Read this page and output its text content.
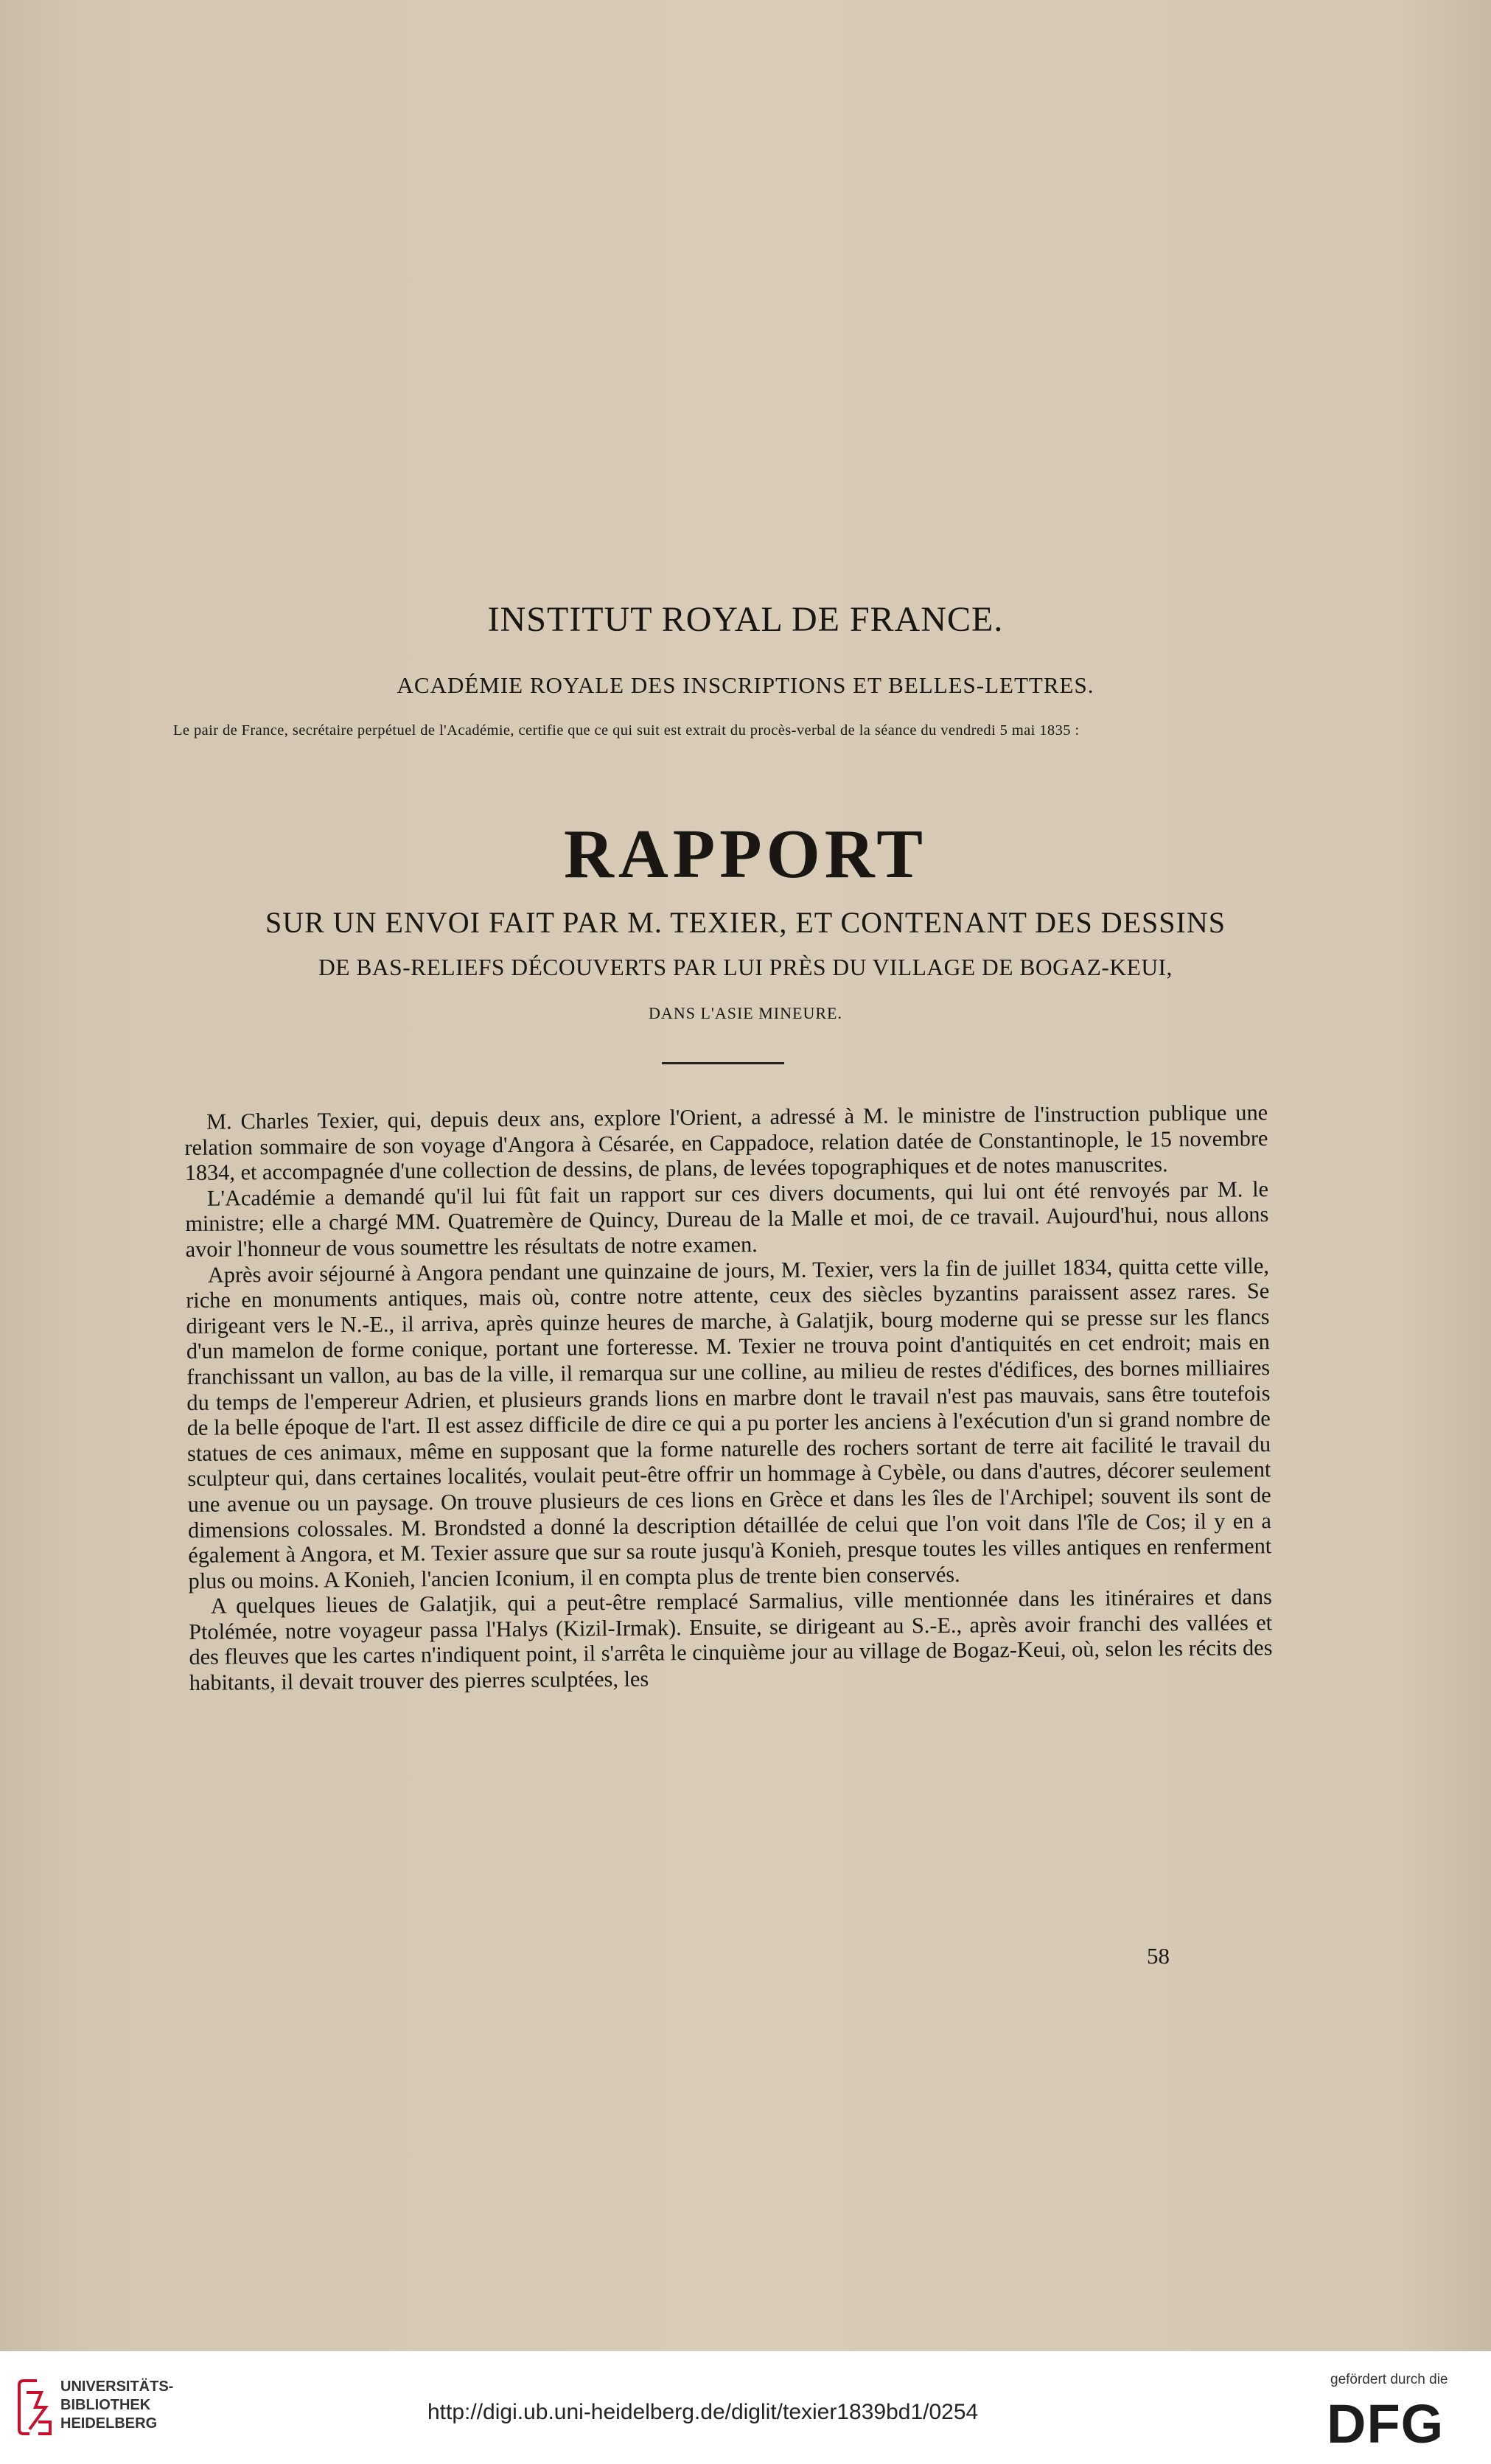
INSTITUT ROYAL DE FRANCE.
ACADÉMIE ROYALE DES INSCRIPTIONS ET BELLES-LETTRES.
Le pair de France, secrétaire perpétuel de l'Académie, certifie que ce qui suit est extrait du procès-verbal de la séance du vendredi 5 mai 1835 :
RAPPORT
SUR UN ENVOI FAIT PAR M. TEXIER, ET CONTENANT DES DESSINS
DE BAS-RELIEFS DÉCOUVERTS PAR LUI PRÈS DU VILLAGE DE BOGAZ-KEUI,
DANS L'ASIE MINEURE.

M. Charles Texier, qui, depuis deux ans, explore l'Orient, a adressé à M. le ministre de l'instruction publique une relation sommaire de son voyage d'Angora à Césarée, en Cappadoce, relation datée de Constantinople, le 15 novembre 1834, et accompagnée d'une collection de dessins, de plans, de levées topographiques et de notes manuscrites.

L'Académie a demandé qu'il lui fût fait un rapport sur ces divers documents, qui lui ont été renvoyés par M. le ministre; elle a chargé MM. Quatremère de Quincy, Dureau de la Malle et moi, de ce travail. Aujourd'hui, nous allons avoir l'honneur de vous soumettre les résultats de notre examen.

Après avoir séjourné à Angora pendant une quinzaine de jours, M. Texier, vers la fin de juillet 1834, quitta cette ville, riche en monuments antiques, mais où, contre notre attente, ceux des siècles byzantins paraissent assez rares. Se dirigeant vers le N.-E., il arriva, après quinze heures de marche, à Galatjik, bourg moderne qui se presse sur les flancs d'un mamelon de forme conique, portant une forteresse. M. Texier ne trouva point d'antiquités en cet endroit; mais en franchissant un vallon, au bas de la ville, il remarqua sur une colline, au milieu de restes d'édifices, des bornes milliaires du temps de l'empereur Adrien, et plusieurs grands lions en marbre dont le travail n'est pas mauvais, sans être toutefois de la belle époque de l'art. Il est assez difficile de dire ce qui a pu porter les anciens à l'exécution d'un si grand nombre de statues de ces animaux, même en supposant que la forme naturelle des rochers sortant de terre ait facilité le travail du sculpteur qui, dans certaines localités, voulait peut-être offrir un hommage à Cybèle, ou dans d'autres, décorer seulement une avenue ou un paysage. On trouve plusieurs de ces lions en Grèce et dans les îles de l'Archipel; souvent ils sont de dimensions colossales. M. Brondsted a donné la description détaillée de celui que l'on voit dans l'île de Cos; il y en a également à Angora, et M. Texier assure que sur sa route jusqu'à Konieh, presque toutes les villes antiques en renferment plus ou moins. A Konieh, l'ancien Iconium, il en compta plus de trente bien conservés.

A quelques lieues de Galatjik, qui a peut-être remplacé Sarmalius, ville mentionnée dans les itinéraires et dans Ptolémée, notre voyageur passa l'Halys (Kizil-Irmak). Ensuite, se dirigeant au S.-E., après avoir franchi des vallées et des fleuves que les cartes n'indiquent point, il s'arrêta le cinquième jour au village de Bogaz-Keui, où, selon les récits des habitants, il devait trouver des pierres sculptées, les

58
UNIVERSITÄTS-
BIBLIOTHEK
HEIDELBERG	http://digi.ub.uni-heidelberg.de/diglit/texier1839bd1/0254
gefördert durch die
DFG
